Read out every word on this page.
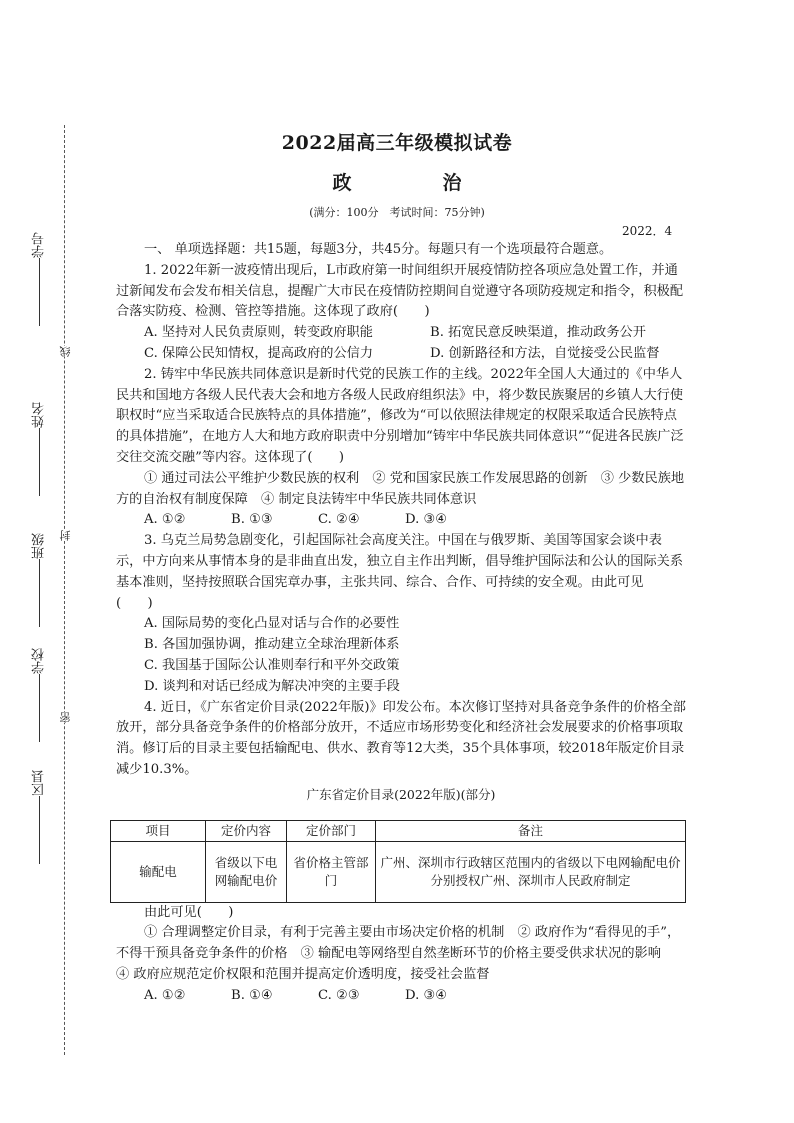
线
封
密
学号
姓名
班级
学校
区县
2022届高三年级模拟试卷
政　治
(满分：100分　考试时间：75分钟)
2022．4

一、 单项选择题：共15题，每题3分，共45分。每题只有一个选项最符合题意。

1. 2022年新一波疫情出现后，L市政府第一时间组织开展疫情防控各项应急处置工作，并通过新闻发布会发布相关信息，提醒广大市民在疫情防控期间自觉遵守各项防疫规定和指令，积极配合落实防疫、检测、管控等措施。这体现了政府(　　)

A. 坚持对人民负责原则，转变政府职能	B. 拓宽民意反映渠道，推动政务公开
C. 保障公民知情权，提高政府的公信力	D. 创新路径和方法，自觉接受公民监督

2. 铸牢中华民族共同体意识是新时代党的民族工作的主线。2022年全国人大通过的《中华人民共和国地方各级人民代表大会和地方各级人民政府组织法》中，将少数民族聚居的乡镇人大行使职权时“应当采取适合民族特点的具体措施”，修改为“可以依照法律规定的权限采取适合民族特点的具体措施”，在地方人大和地方政府职责中分别增加“铸牢中华民族共同体意识”“促进各民族广泛交往交流交融”等内容。这体现了(　　)

① 通过司法公平维护少数民族的权利　② 党和国家民族工作发展思路的创新　③ 少数民族地方的自治权有制度保障　④ 制定良法铸牢中华民族共同体意识

A. ①②	B. ①③	C. ②④	D. ③④

3. 乌克兰局势急剧变化，引起国际社会高度关注。中国在与俄罗斯、美国等国家会谈中表示，中方向来从事情本身的是非曲直出发，独立自主作出判断，倡导维护国际法和公认的国际关系基本准则，坚持按照联合国宪章办事，主张共同、综合、合作、可持续的安全观。由此可见　(　　)

A. 国际局势的变化凸显对话与合作的必要性

B. 各国加强协调，推动建立全球治理新体系

C. 我国基于国际公认准则奉行和平外交政策

D. 谈判和对话已经成为解决冲突的主要手段

4. 近日，《广东省定价目录(2022年版)》印发公布。本次修订坚持对具备竞争条件的价格全部放开，部分具备竞争条件的价格部分放开，不适应市场形势变化和经济社会发展要求的价格事项取消。修订后的目录主要包括输配电、供水、教育等12大类，35个具体事项，较2018年版定价目录减少10.3%。

广东省定价目录(2022年版)(部分)
项目	定价内容	定价部门	备注
输配电	省级以下电网输配电价	省价格主管部门	广州、深圳市行政辖区范围内的省级以下电网输配电价分别授权广州、深圳市人民政府制定

由此可见(　　)

① 合理调整定价目录，有利于完善主要由市场决定价格的机制　② 政府作为“看得见的手”，不得干预具备竞争条件的价格　③ 输配电等网络型自然垄断环节的价格主要受供求状况的影响　④ 政府应规范定价权限和范围并提高定价透明度，接受社会监督

A. ①②	B. ①④	C. ②③	D. ③④
